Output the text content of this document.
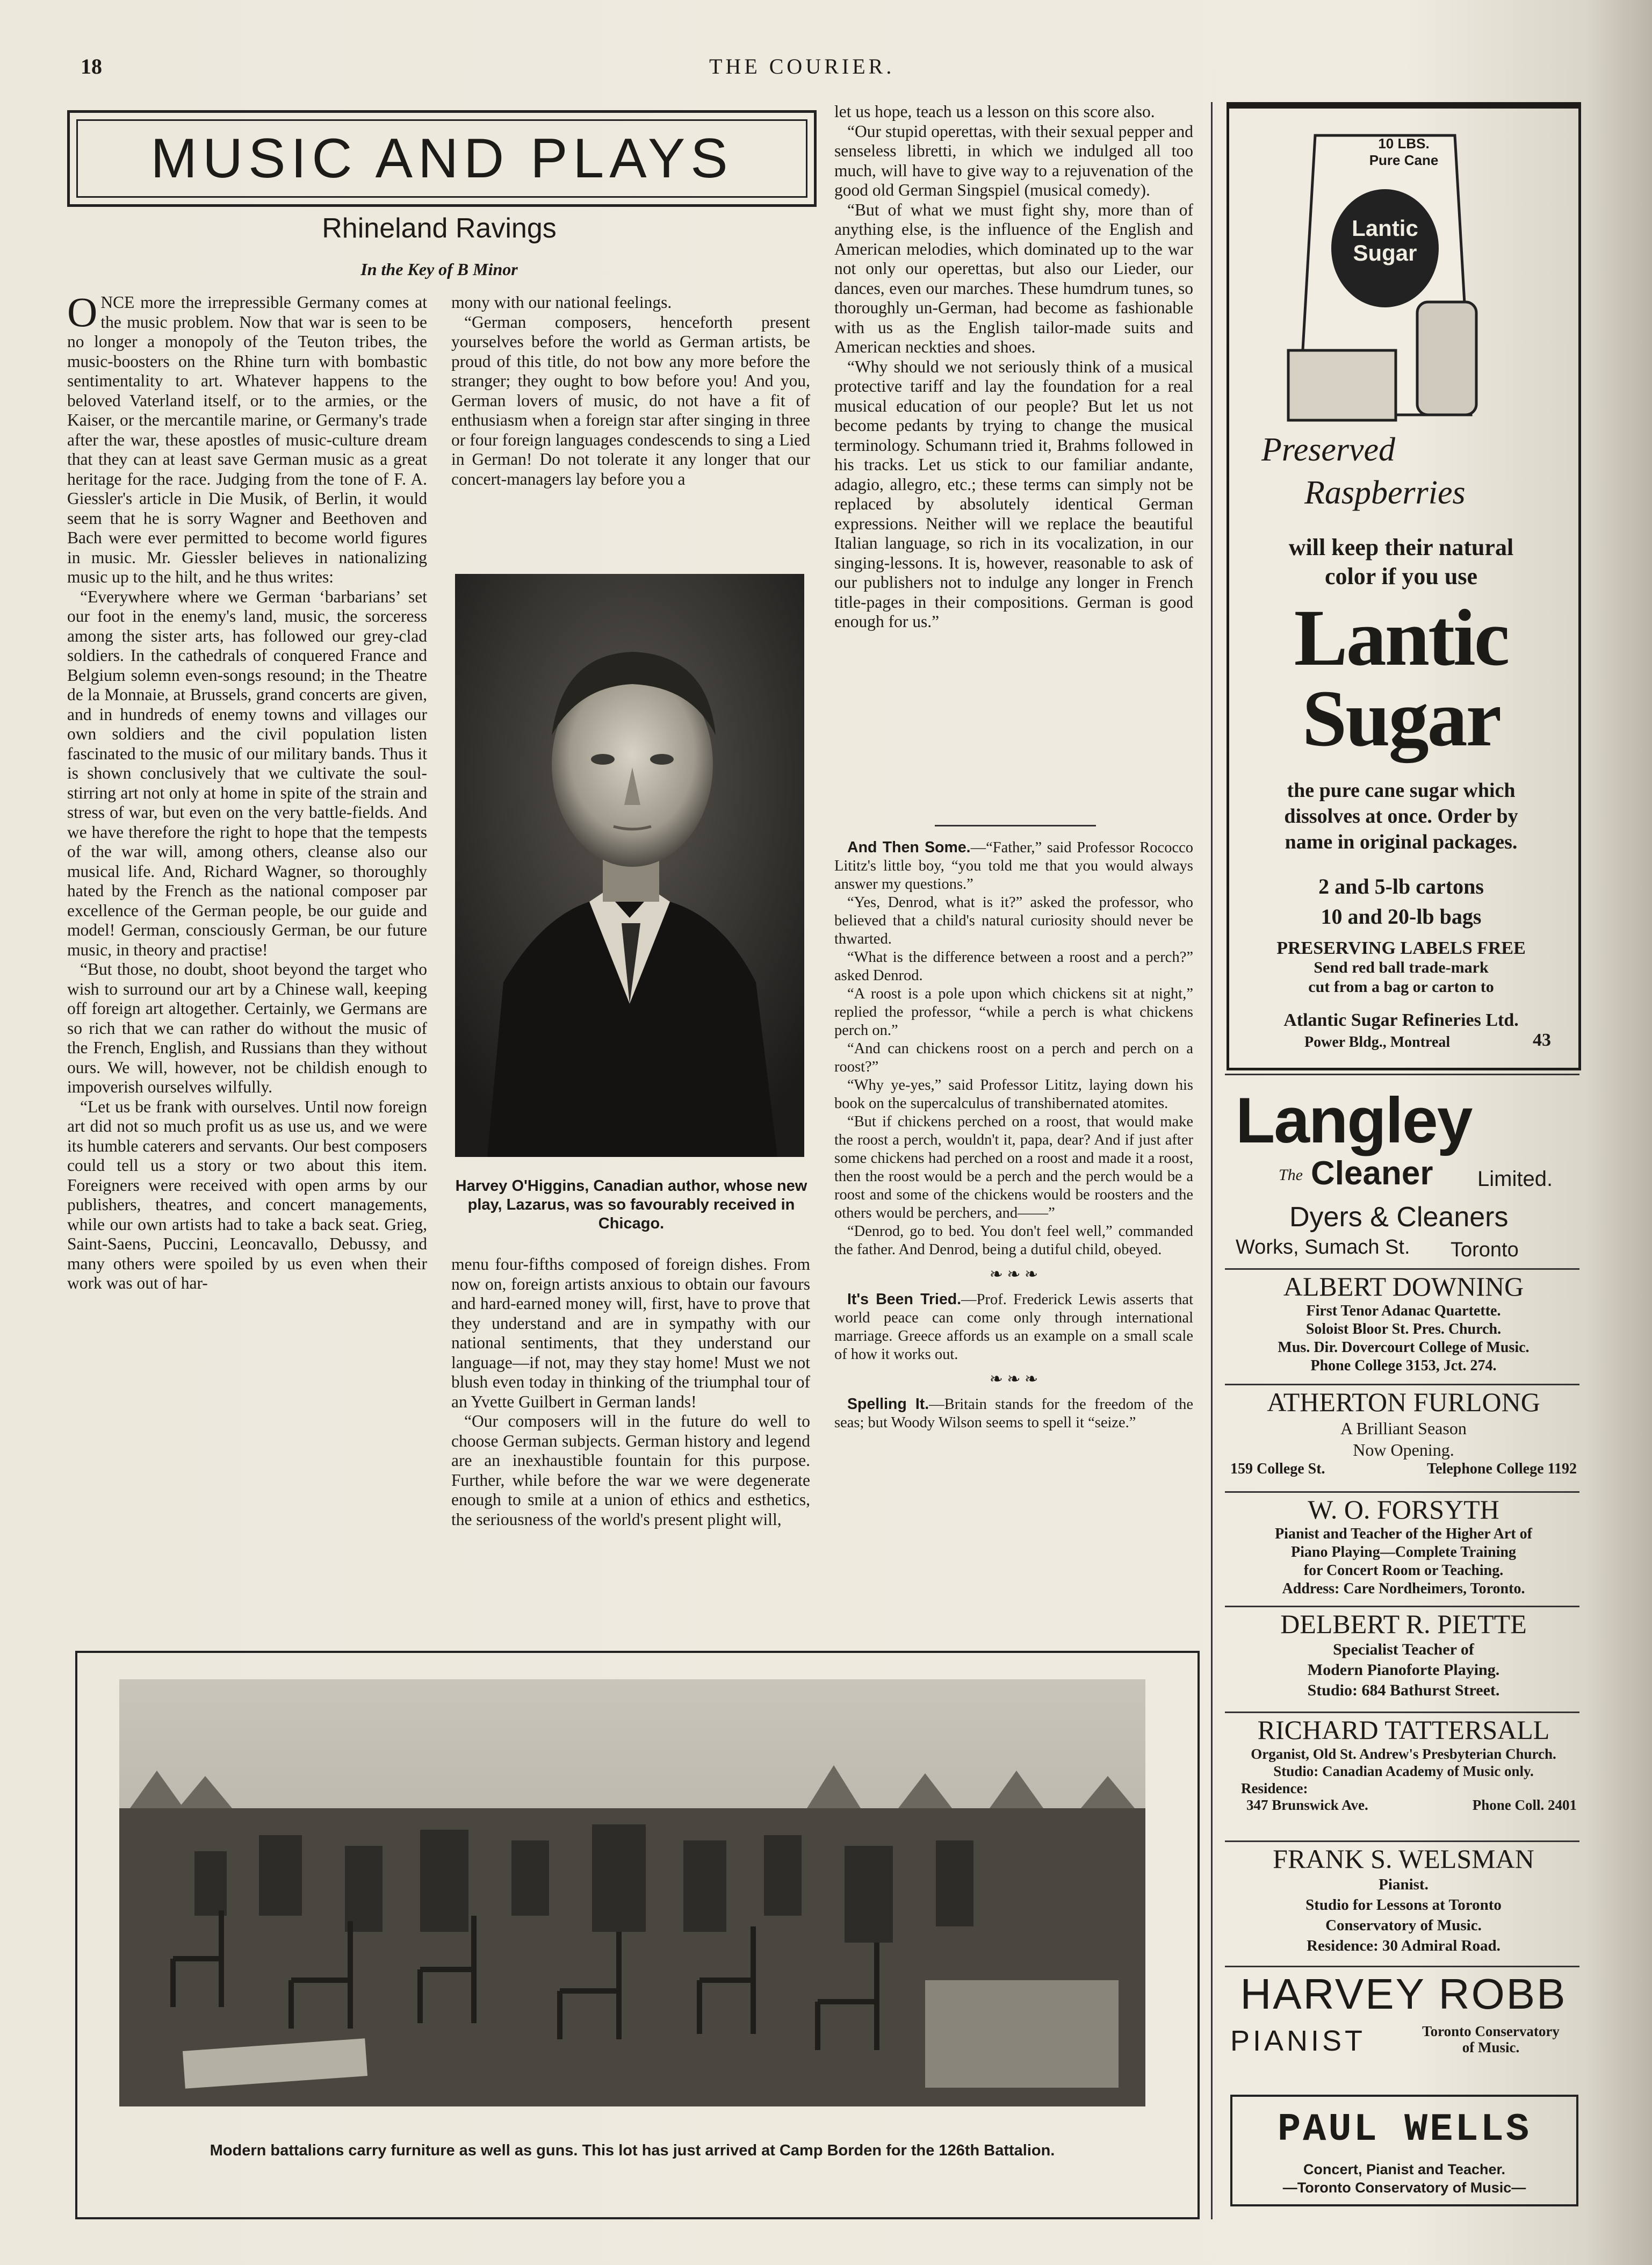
18	THE COURIER.
MUSIC AND PLAYS
Rhineland Ravings
In the Key of B Minor

ONCE more the irrepressible Germany comes at the music problem. Now that war is seen to be no longer a monopoly of the Teuton tribes, the music-boosters on the Rhine turn with bombastic sentimentality to art. Whatever happens to the beloved Vaterland itself, or to the armies, or the Kaiser, or the mercantile marine, or Germany's trade after the war, these apostles of music-culture dream that they can at least save German music as a great heritage for the race. Judging from the tone of F. A. Giessler's article in Die Musik, of Berlin, it would seem that he is sorry Wagner and Beethoven and Bach were ever permitted to become world figures in music. Mr. Giessler believes in nationalizing music up to the hilt, and he thus writes:

“Everywhere where we German ‘barbarians’ set our foot in the enemy's land, music, the sorceress among the sister arts, has followed our grey-clad soldiers. In the cathedrals of conquered France and Belgium solemn even-songs resound; in the Theatre de la Monnaie, at Brussels, grand concerts are given, and in hundreds of enemy towns and villages our own soldiers and the civil population listen fascinated to the music of our military bands. Thus it is shown conclusively that we cultivate the soul-stirring art not only at home in spite of the strain and stress of war, but even on the very battle-fields. And we have therefore the right to hope that the tempests of the war will, among others, cleanse also our musical life. And, Richard Wagner, so thoroughly hated by the French as the national composer par excellence of the German people, be our guide and model! German, consciously German, be our future music, in theory and practise!

“But those, no doubt, shoot beyond the target who wish to surround our art by a Chinese wall, keeping off foreign art altogether. Certainly, we Germans are so rich that we can rather do without the music of the French, English, and Russians than they without ours. We will, however, not be childish enough to impoverish ourselves wilfully.

“Let us be frank with ourselves. Until now foreign art did not so much profit us as use us, and we were its humble caterers and servants. Our best composers could tell us a story or two about this item. Foreigners were received with open arms by our publishers, theatres, and concert managements, while our own artists had to take a back seat. Grieg, Saint-Saens, Puccini, Leoncavallo, Debussy, and many others were spoiled by us even when their work was out of har-

mony with our national feelings.

“German composers, henceforth present yourselves before the world as German artists, be proud of this title, do not bow any more before the stranger; they ought to bow before you! And you, German lovers of music, do not have a fit of enthusiasm when a foreign star after singing in three or four foreign languages condescends to sing a Lied in German! Do not tolerate it any longer that our concert-managers lay before you a

Harvey O'Higgins, Canadian author, whose new play, Lazarus, was so favourably received in Chicago.

menu four-fifths composed of foreign dishes. From now on, foreign artists anxious to obtain our favours and hard-earned money will, first, have to prove that they understand and are in sympathy with our national sentiments, that they understand our language—if not, may they stay home! Must we not blush even today in thinking of the triumphal tour of an Yvette Guilbert in German lands!

“Our composers will in the future do well to choose German subjects. German history and legend are an inexhaustible fountain for this purpose. Further, while before the war we were degenerate enough to smile at a union of ethics and esthetics, the seriousness of the world's present plight will,

let us hope, teach us a lesson on this score also.

“Our stupid operettas, with their sexual pepper and senseless libretti, in which we indulged all too much, will have to give way to a rejuvenation of the good old German Singspiel (musical comedy).

“But of what we must fight shy, more than of anything else, is the influence of the English and American melodies, which dominated up to the war not only our operettas, but also our Lieder, our dances, even our marches. These humdrum tunes, so thoroughly un-German, had become as fashionable with us as the English tailor-made suits and American neckties and shoes.

“Why should we not seriously think of a musical protective tariff and lay the foundation for a real musical education of our people? But let us not become pedants by trying to change the musical terminology. Schumann tried it, Brahms followed in his tracks. Let us stick to our familiar andante, adagio, allegro, etc.; these terms can simply not be replaced by absolutely identical German expressions. Neither will we replace the beautiful Italian language, so rich in its vocalization, in our singing-lessons. It is, however, reasonable to ask of our publishers not to indulge any longer in French title-pages in their compositions. German is good enough for us.”

And Then Some.—“Father,” said Professor Rococco Lititz's little boy, “you told me that you would always answer my questions.”

“Yes, Denrod, what is it?” asked the professor, who believed that a child's natural curiosity should never be thwarted.

“What is the difference between a roost and a perch?” asked Denrod.

“A roost is a pole upon which chickens sit at night,” replied the professor, “while a perch is what chickens perch on.”

“And can chickens roost on a perch and perch on a roost?”

“Why ye-yes,” said Professor Lititz, laying down his book on the supercalculus of transhibernated atomites.

“But if chickens perched on a roost, that would make the roost a perch, wouldn't it, papa, dear? And if just after some chickens had perched on a roost and made it a roost, then the roost would be a perch and the perch would be a roost and some of the chickens would be roosters and the others would be perchers, and——”

“Denrod, go to bed. You don't feel well,” commanded the father. And Denrod, being a dutiful child, obeyed.

❧ ❧ ❧

It's Been Tried.—Prof. Frederick Lewis asserts that world peace can come only through international marriage. Greece affords us an example on a small scale of how it works out.

❧ ❧ ❧

Spelling It.—Britain stands for the freedom of the seas; but Woody Wilson seems to spell it “seize.”

Modern battalions carry furniture as well as guns. This lot has just arrived at Camp Borden for the 126th Battalion.
10 LBS.
Pure Cane
Lantic
Sugar
Preserved
Raspberries
will keep their natural
color if you use
Lantic
Sugar
the pure cane sugar which
dissolves at once. Order by
name in original packages.
2 and 5-lb cartons
10 and 20-lb bags
PRESERVING LABELS FREE
Send red ball trade-mark
cut from a bag or carton to
Atlantic Sugar Refineries Ltd.
Power Bldg., Montreal	43
Langley
The Cleaner Limited.
Dyers & Cleaners
Works, Sumach St. Toronto
ALBERT DOWNING
First Tenor Adanac Quartette.
Soloist Bloor St. Pres. Church.
Mus. Dir. Dovercourt College of Music.
Phone College 3153, Jct. 274.
ATHERTON FURLONG
A Brilliant Season
Now Opening.
159 College St.	Telephone College 1192
W. O. FORSYTH
Pianist and Teacher of the Higher Art of
Piano Playing—Complete Training
for Concert Room or Teaching.
Address: Care Nordheimers, Toronto.
DELBERT R. PIETTE
Specialist Teacher of
Modern Pianoforte Playing.
Studio: 684 Bathurst Street.
RICHARD TATTERSALL
Organist, Old St. Andrew's Presbyterian Church.
Studio: Canadian Academy of Music only.
Residence:
347 Brunswick Ave.	Phone Coll. 2401
FRANK S. WELSMAN
Pianist.
Studio for Lessons at Toronto
Conservatory of Music.
Residence: 30 Admiral Road.
HARVEY ROBB
PIANIST	Toronto Conservatory
of Music.
PAUL WELLS
Concert, Pianist and Teacher.
—Toronto Conservatory of Music—
